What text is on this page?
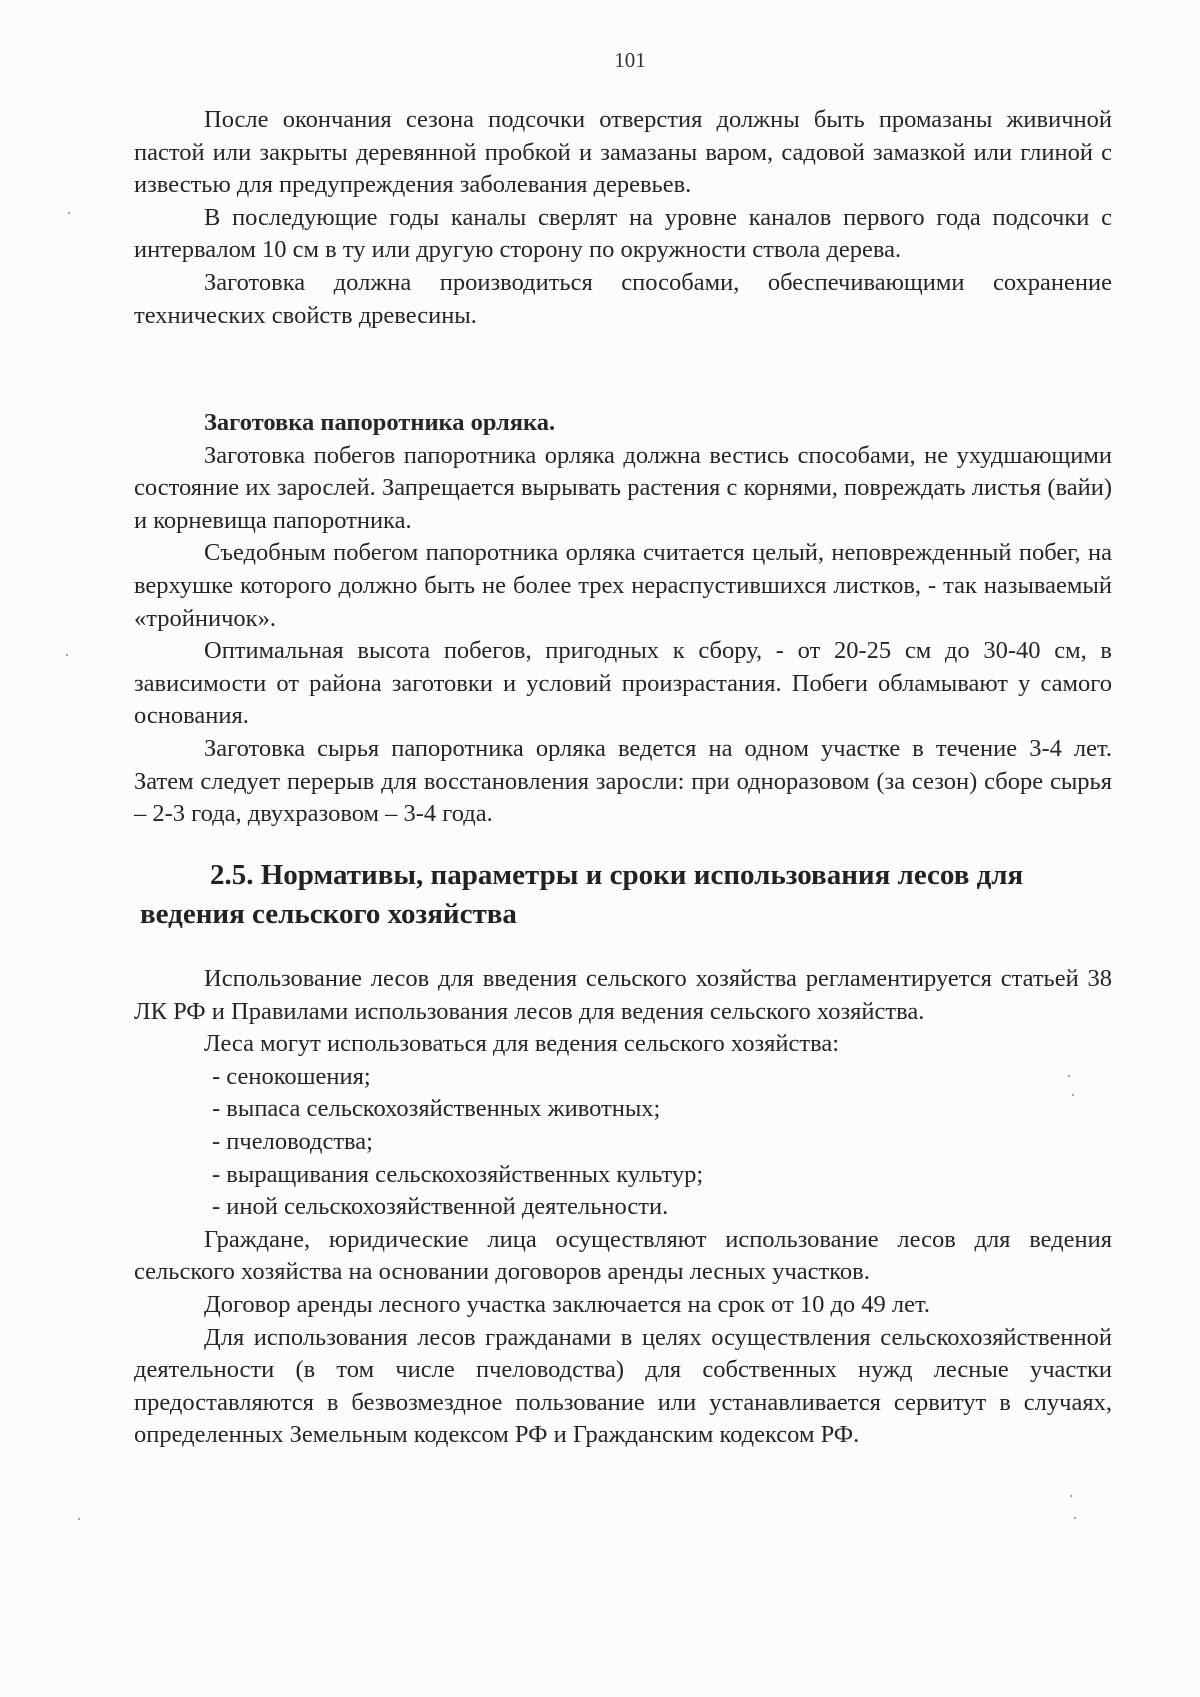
101

После окончания сезона подсочки отверстия должны быть промазаны живичной пастой или закрыты деревянной пробкой и замазаны варом, садовой замазкой или глиной с известью для предупреждения заболевания деревьев.

В последующие годы каналы сверлят на уровне каналов первого года подсочки с интервалом 10 см в ту или другую сторону по окружности ствола дерева.

Заготовка должна производиться способами, обеспечивающими сохранение технических свойств древесины.

Заготовка папоротника орляка.

Заготовка побегов папоротника орляка должна вестись способами, не ухудшающими состояние их зарослей. Запрещается вырывать растения с корнями, повреждать листья (вайи) и корневища папоротника.

Съедобным побегом папоротника орляка считается целый, неповрежденный побег, на верхушке которого должно быть не более трех нераспустившихся листков, - так называемый «тройничок».

Оптимальная высота побегов, пригодных к сбору, - от 20-25 см до 30-40 см, в зависимости от района заготовки и условий произрастания. Побеги обламывают у самого основания.

Заготовка сырья папоротника орляка ведется на одном участке в течение 3-4 лет. Затем следует перерыв для восстановления заросли: при одноразовом (за сезон) сборе сырья – 2-3 года, двухразовом – 3-4 года.

2.5. Нормативы, параметры и сроки использования лесов для ведения сельского хозяйства

Использование лесов для введения сельского хозяйства регламентируется статьей 38 ЛК РФ и Правилами использования лесов для ведения сельского хозяйства.

Леса могут использоваться для ведения сельского хозяйства:

- сенокошения;
- выпаса сельскохозяйственных животных;
- пчеловодства;
- выращивания сельскохозяйственных культур;
- иной сельскохозяйственной деятельности.

Граждане, юридические лица осуществляют использование лесов для ведения сельского хозяйства на основании договоров аренды лесных участков.

Договор аренды лесного участка заключается на срок от 10 до 49 лет.

Для использования лесов гражданами в целях осуществления сельскохозяйственной деятельности (в том числе пчеловодства) для собственных нужд лесные участки предоставляются в безвозмездное пользование или устанавливается сервитут в случаях, определенных Земельным кодексом РФ и Гражданским кодексом РФ.
